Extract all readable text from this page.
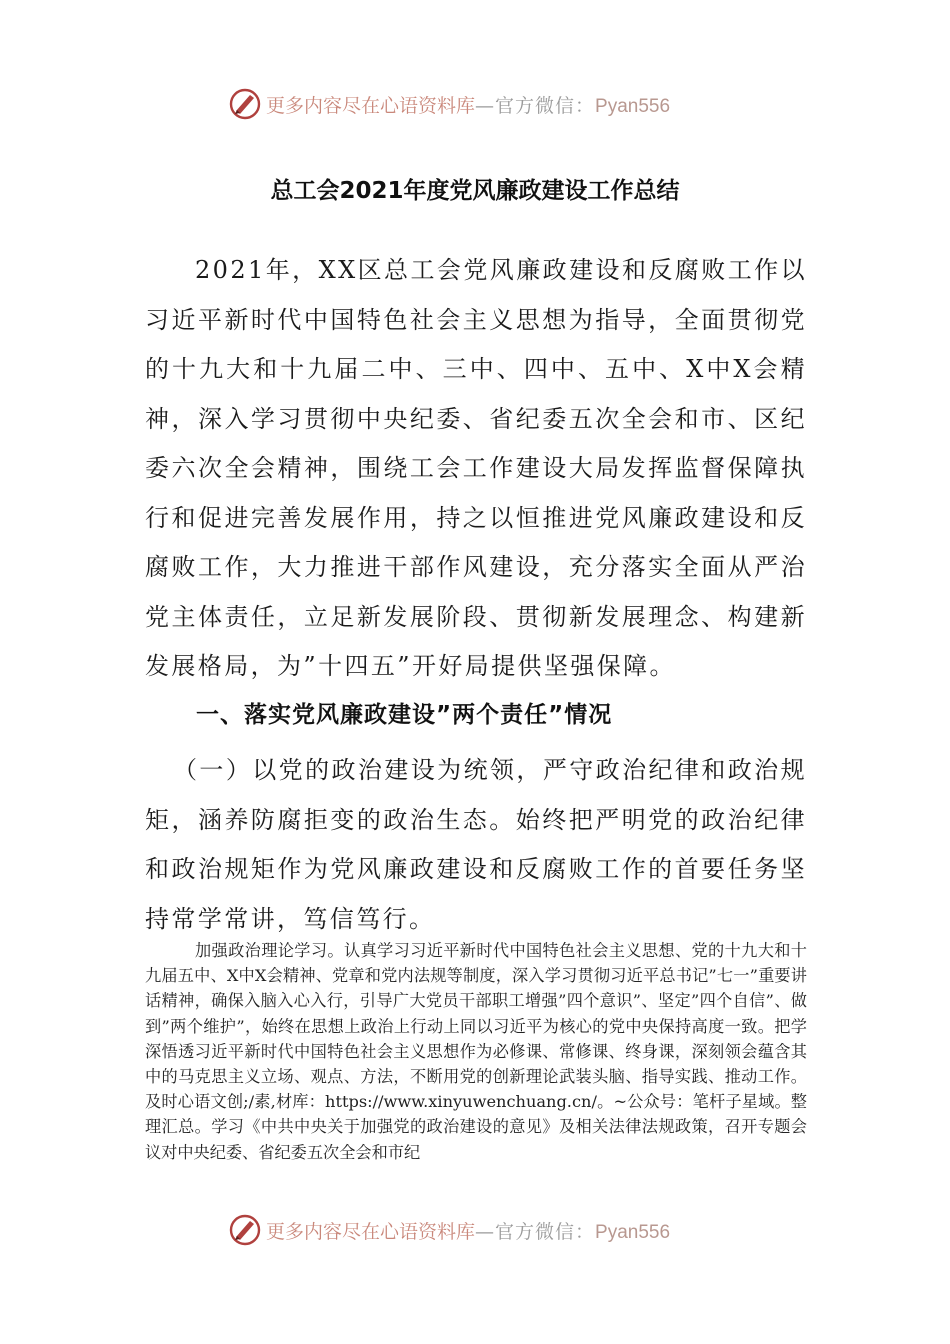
更多内容尽在心语资料库—官方微信：Pyan556
总工会2021年度党风廉政建设工作总结

2021年，XX区总工会党风廉政建设和反腐败工作以习近平新时代中国特色社会主义思想为指导，全面贯彻党的十九大和十九届二中、三中、四中、五中、X中X会精神，深入学习贯彻中央纪委、省纪委五次全会和市、区纪委六次全会精神，围绕工会工作建设大局发挥监督保障执行和促进完善发展作用，持之以恒推进党风廉政建设和反腐败工作，大力推进干部作风建设，充分落实全面从严治党主体责任，立足新发展阶段、贯彻新发展理念、构建新发展格局，为”十四五”开好局提供坚强保障。

一、落实党风廉政建设”两个责任”情况

（一）以党的政治建设为统领，严守政治纪律和政治规矩，涵养防腐拒变的政治生态。始终把严明党的政治纪律和政治规矩作为党风廉政建设和反腐败工作的首要任务坚持常学常讲，笃信笃行。

加强政治理论学习。认真学习习近平新时代中国特色社会主义思想、党的十九大和十九届五中、X中X会精神、党章和党内法规等制度，深入学习贯彻习近平总书记”七一”重要讲话精神，确保入脑入心入行，引导广大党员干部职工增强”四个意识”、坚定”四个自信”、做到”两个维护”，始终在思想上政治上行动上同以习近平为核心的党中央保持高度一致。把学深悟透习近平新时代中国特色社会主义思想作为必修课、常修课、终身课，深刻领会蕴含其中的马克思主义立场、观点、方法，不断用党的创新理论武装头脑、指导实践、推动工作。及时心语文创;/素,材库：https://www.xinyuwenchuang.cn/。~公众号：笔杆子星域。整理汇总。学习《中共中央关于加强党的政治建设的意见》及相关法律法规政策，召开专题会议对中央纪委、省纪委五次全会和市纪

更多内容尽在心语资料库—官方微信：Pyan556
